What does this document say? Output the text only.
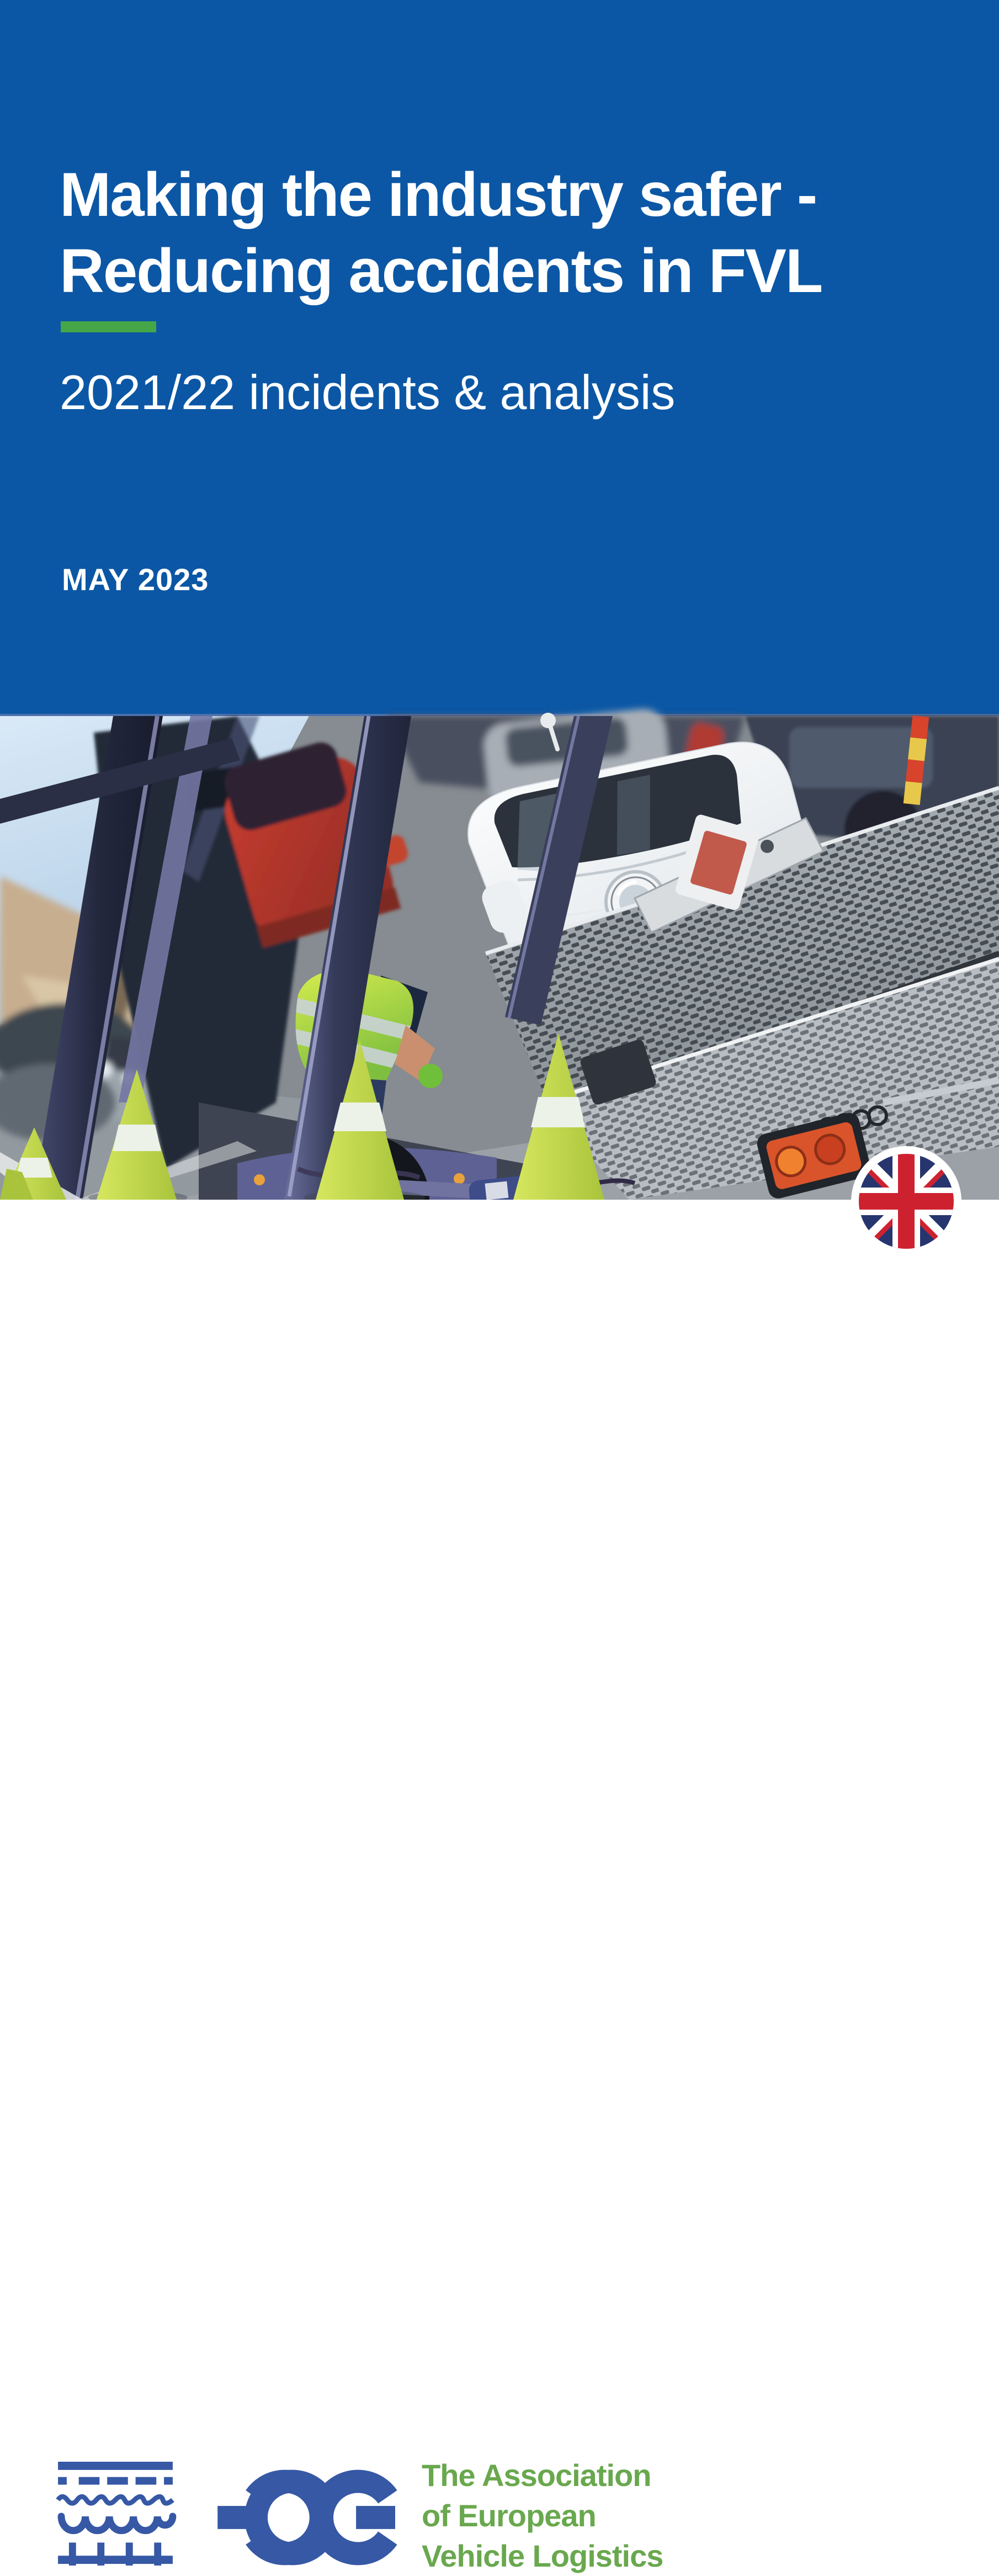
Making the industry safer -
Reducing accidents in FVL
2021/22 incidents & analysis
MAY 2023
The Association
of European
Vehicle Logistics
